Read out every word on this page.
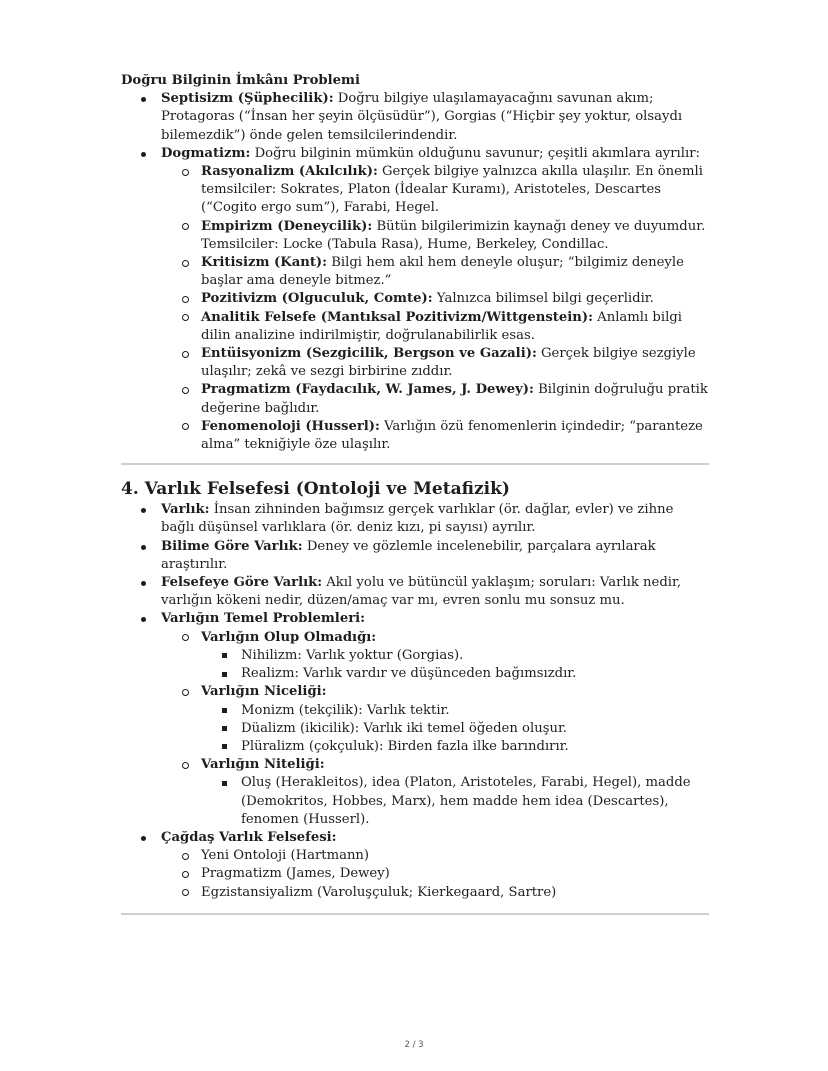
Doğru Bilginin İmkânı Problemi
Septisizm (Şüphecilik): Doğru bilgiye ulaşılamayacağını savunan akım; Protagoras (“İnsan her şeyin ölçüsüdür”), Gorgias (“Hiçbir şey yoktur, olsaydı bilemezdik”) önde gelen temsilcilerindendir.
Dogmatizm: Doğru bilginin mümkün olduğunu savunur; çeşitli akımlara ayrılır:
Rasyonalizm (Akılcılık): Gerçek bilgiye yalnızca akılla ulaşılır. En önemli temsilciler: Sokrates, Platon (İdealar Kuramı), Aristoteles, Descartes (“Cogito ergo sum”), Farabi, Hegel.
Empirizm (Deneycilik): Bütün bilgilerimizin kaynağı deney ve duyumdur. Temsilciler: Locke (Tabula Rasa), Hume, Berkeley, Condillac.
Kritisizm (Kant): Bilgi hem akıl hem deneyle oluşur; “bilgimiz deneyle başlar ama deneyle bitmez.”
Pozitivizm (Olguculuk, Comte): Yalnızca bilimsel bilgi geçerlidir.
Analitik Felsefe (Mantıksal Pozitivizm/Wittgenstein): Anlamlı bilgi dilin analizine indirilmiştir, doğrulanabilirlik esas.
Entüisyonizm (Sezgicilik, Bergson ve Gazali): Gerçek bilgiye sezgiyle ulaşılır; zekâ ve sezgi birbirine zıddır.
Pragmatizm (Faydacılık, W. James, J. Dewey): Bilginin doğruluğu pratik değerine bağlıdır.
Fenomenoloji (Husserl): Varlığın özü fenomenlerin içindedir; “paranteze alma” tekniğiyle öze ulaşılır.
4. Varlık Felsefesi (Ontoloji ve Metafizik)
Varlık: İnsan zihninden bağımsız gerçek varlıklar (ör. dağlar, evler) ve zihne bağlı düşünsel varlıklara (ör. deniz kızı, pi sayısı) ayrılır.
Bilime Göre Varlık: Deney ve gözlemle incelenebilir, parçalara ayrılarak araştırılır.
Felsefeye Göre Varlık: Akıl yolu ve bütüncül yaklaşım; soruları: Varlık nedir, varlığın kökeni nedir, düzen/amaç var mı, evren sonlu mu sonsuz mu.
Varlığın Temel Problemleri:
Varlığın Olup Olmadığı:
Nihilizm: Varlık yoktur (Gorgias).
Realizm: Varlık vardır ve düşünceden bağımsızdır.
Varlığın Niceliği:
Monizm (tekçilik): Varlık tektir.
Düalizm (ikicilik): Varlık iki temel öğeden oluşur.
Plüralizm (çokçuluk): Birden fazla ilke barındırır.
Varlığın Niteliği:
Oluş (Herakleitos), idea (Platon, Aristoteles, Farabi, Hegel), madde (Demokritos, Hobbes, Marx), hem madde hem idea (Descartes), fenomen (Husserl).
Çağdaş Varlık Felsefesi:
Yeni Ontoloji (Hartmann)
Pragmatizm (James, Dewey)
Egzistansiyalizm (Varoluşçuluk; Kierkegaard, Sartre)
2 / 3
